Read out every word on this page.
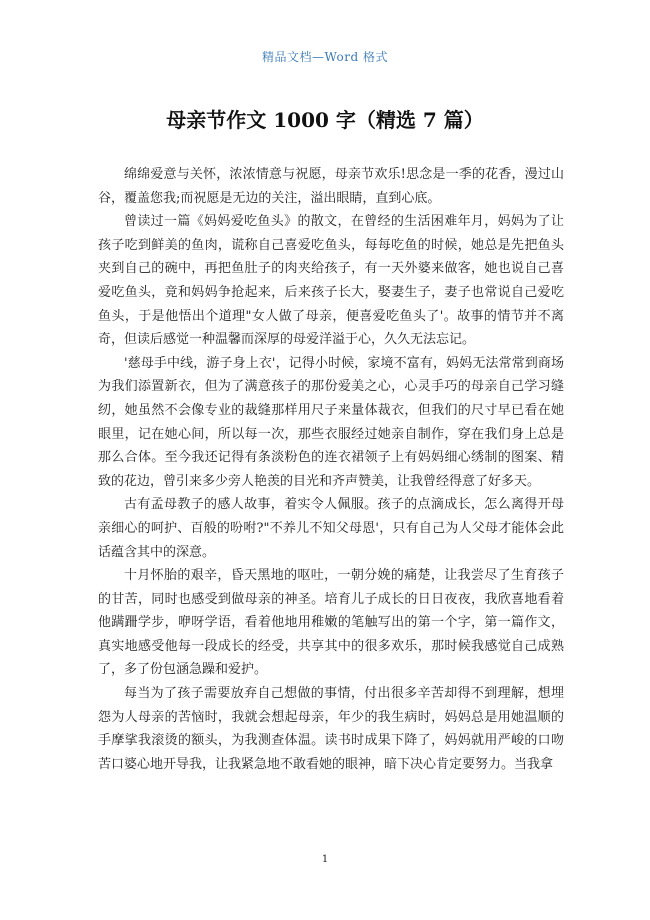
精品文档—Word 格式
母亲节作文 1000 字（精选 7 篇）

绵绵爱意与关怀，浓浓情意与祝愿，母亲节欢乐!思念是一季的花香，漫过山谷，覆盖您我;而祝愿是无边的关注，溢出眼睛，直到心底。

曾读过一篇《妈妈爱吃鱼头》的散文，在曾经的生活困难年月，妈妈为了让孩子吃到鲜美的鱼肉，谎称自己喜爱吃鱼头，每每吃鱼的时候，她总是先把鱼头夹到自己的碗中，再把鱼肚子的肉夹给孩子，有一天外婆来做客，她也说自己喜爱吃鱼头，竟和妈妈争抢起来，后来孩子长大，娶妻生子，妻子也常说自己爱吃鱼头，于是他悟出个道理"女人做了母亲，便喜爱吃鱼头了'。故事的情节并不离奇，但读后感觉一种温馨而深厚的母爱洋溢于心，久久无法忘记。

'慈母手中线，游子身上衣'，记得小时候，家境不富有，妈妈无法常常到商场为我们添置新衣，但为了满意孩子的那份爱美之心，心灵手巧的母亲自己学习缝纫，她虽然不会像专业的裁缝那样用尺子来量体裁衣，但我们的尺寸早已看在她眼里，记在她心间，所以每一次，那些衣服经过她亲自制作，穿在我们身上总是那么合体。至今我还记得有条淡粉色的连衣裙领子上有妈妈细心绣制的图案、精致的花边，曾引来多少旁人艳羡的目光和齐声赞美，让我曾经得意了好多天。

古有孟母教子的感人故事，着实令人佩服。孩子的点滴成长，怎么离得开母亲细心的呵护、百般的吩咐?"不养儿不知父母恩'，只有自己为人父母才能体会此话蕴含其中的深意。

十月怀胎的艰辛，昏天黑地的呕吐，一朝分娩的痛楚，让我尝尽了生育孩子的甘苦，同时也感受到做母亲的神圣。培育儿子成长的日日夜夜，我欣喜地看着他蹒跚学步，咿呀学语，看着他地用稚嫩的笔触写出的第一个字，第一篇作文，真实地感受他每一段成长的经受，共享其中的很多欢乐，那时候我感觉自己成熟了，多了份包涵急躁和爱护。

每当为了孩子需要放弃自己想做的事情，付出很多辛苦却得不到理解，想埋怨为人母亲的苦恼时，我就会想起母亲，年少的我生病时，妈妈总是用她温顺的手摩挲我滚烫的额头，为我测查体温。读书时成果下降了，妈妈就用严峻的口吻苦口婆心地开导我，让我紧急地不敢看她的眼神，暗下决心肯定要努力。当我拿

1
